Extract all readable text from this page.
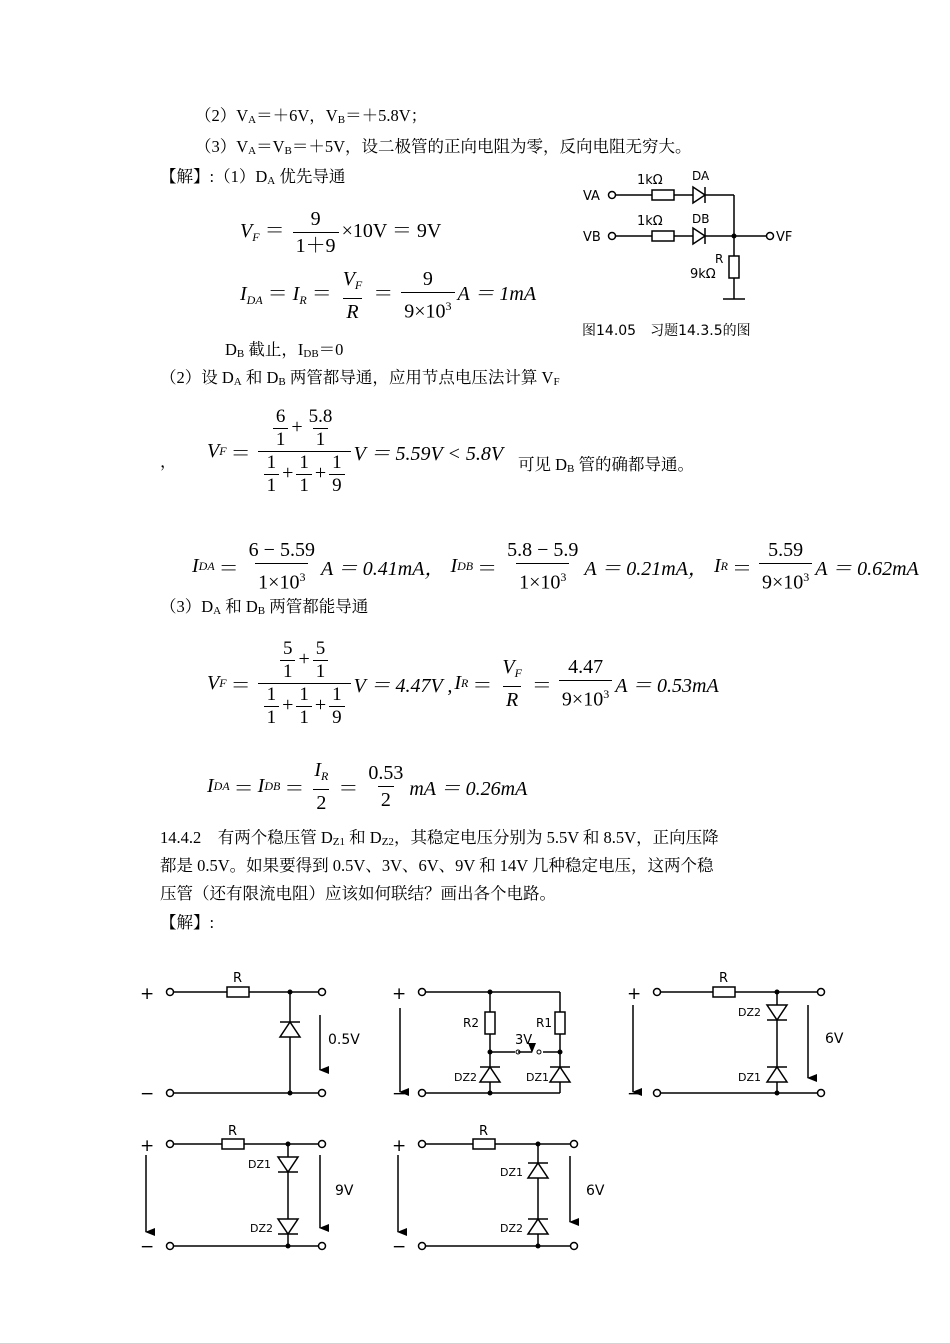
（2）VA＝＋6V，VB＝＋5.8V；
（3）VA＝VB＝＋5V，设二极管的正向电阻为零，反向电阻无穷大。
【解】:（1）DA 优先导通
$V_F = \frac{9}{1+9} \times 10V = 9V$
$I_{DA} = I_R = \frac{V_F}{R} = \frac{9}{9\times 10^3}$ A ＝ 1mA
VA
VB	VF
1kΩ
1kΩ
DA
DB
R
9kΩ
图14.05　习题14.3.5的图
DB 截止，IDB＝0
（2）设 DA 和 DB 两管都导通，应用节点电压法计算 VF
， V $F = \frac{\frac{6}{1} + \frac{5.8}{1}}{\frac{1}{1} + \frac{1}{1} + \frac{1}{9}}$ V ＝ 5.59V < 5.8V 可见 DB 管的确都导通。
I DA ＝ $\frac{6 - 5.59}{1\times 10^3}$ A ＝ 0.41mA， I DB ＝ $\frac{5.8 - 5.9}{1\times 10^3}$ A ＝ 0.21mA， I $R = \frac{5.59}{9\times 10^3}$ A ＝ 0.62mA
（3）DA 和 DB 两管都能导通
V $F = \frac{\frac{5}{1} + \frac{5}{1}}{\frac{1}{1} + \frac{1}{1} + \frac{1}{9}}$ V ＝ 4.47V , I $R = \frac{V_F}{R} = \frac{4.47}{9\times 10^3}$ A ＝ 0.53mA
I DA ＝ I DB ＝ $\frac{I_R}{2} = \frac{0.53}{2}$ mA ＝ 0.26mA
14.4.2　有两个稳压管 DZ1 和 DZ2，其稳定电压分别为 5.5V 和 8.5V，正向压降
都是 0.5V。如果要得到 0.5V、3V、6V、9V 和 14V 几种稳定电压，这两个稳
压管（还有限流电阻）应该如何联结？画出各个电路。
【解】:
+
−
R
0.5V
+
−
R2	R1
3V
DZ2	DZ1
+
−
R
DZ2
DZ1
6V
+
−
R
DZ1
DZ2
9V
+
−
R
DZ1
DZ2
6V
